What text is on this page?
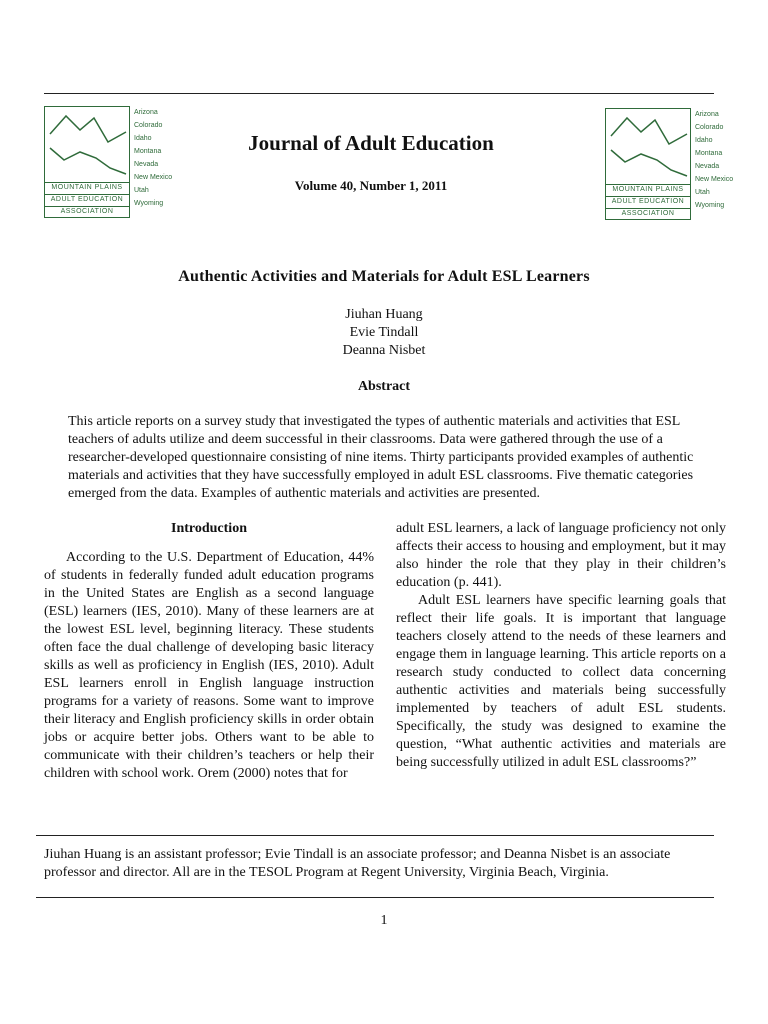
MOUNTAIN PLAINS
ADULT EDUCATION
ASSOCIATION
Arizona
Colorado
Idaho
Montana
Nevada
New Mexico
Utah
Wyoming
MOUNTAIN PLAINS
ADULT EDUCATION
ASSOCIATION
Arizona
Colorado
Idaho
Montana
Nevada
New Mexico
Utah
Wyoming
Journal of Adult Education
Volume 40, Number 1, 2011
Authentic Activities and Materials for Adult ESL Learners
Jiuhan Huang
Evie Tindall
Deanna Nisbet
Abstract
This article reports on a survey study that investigated the types of authentic materials and activities that ESL teachers of adults utilize and deem successful in their classrooms. Data were gathered through the use of a researcher-developed questionnaire consisting of nine items. Thirty participants provided examples of authentic materials and activities that they have successfully employed in adult ESL classrooms. Five thematic categories emerged from the data. Examples of authentic materials and activities are presented.
Introduction

According to the U.S. Department of Education, 44% of students in federally funded adult education programs in the United States are English as a second language (ESL) learners (IES, 2010). Many of these learners are at the lowest ESL level, beginning literacy. These students often face the dual challenge of developing basic literacy skills as well as proficiency in English (IES, 2010). Adult ESL learners enroll in English language instruction programs for a variety of reasons. Some want to improve their literacy and English proficiency skills in order obtain jobs or acquire better jobs. Others want to be able to communicate with their children’s teachers or help their children with school work. Orem (2000) notes that for

adult ESL learners, a lack of language proficiency not only affects their access to housing and employment, but it may also hinder the role that they play in their children’s education (p. 441).

Adult ESL learners have specific learning goals that reflect their life goals. It is important that language teachers closely attend to the needs of these learners and engage them in language learning. This article reports on a research study conducted to collect data concerning authentic activities and materials being successfully implemented by teachers of adult ESL students. Specifically, the study was designed to examine the question, “What authentic activities and materials are being successfully utilized in adult ESL classrooms?”

Jiuhan Huang is an assistant professor; Evie Tindall is an associate professor; and Deanna Nisbet is an associate professor and director. All are in the TESOL Program at Regent University, Virginia Beach, Virginia.
1
